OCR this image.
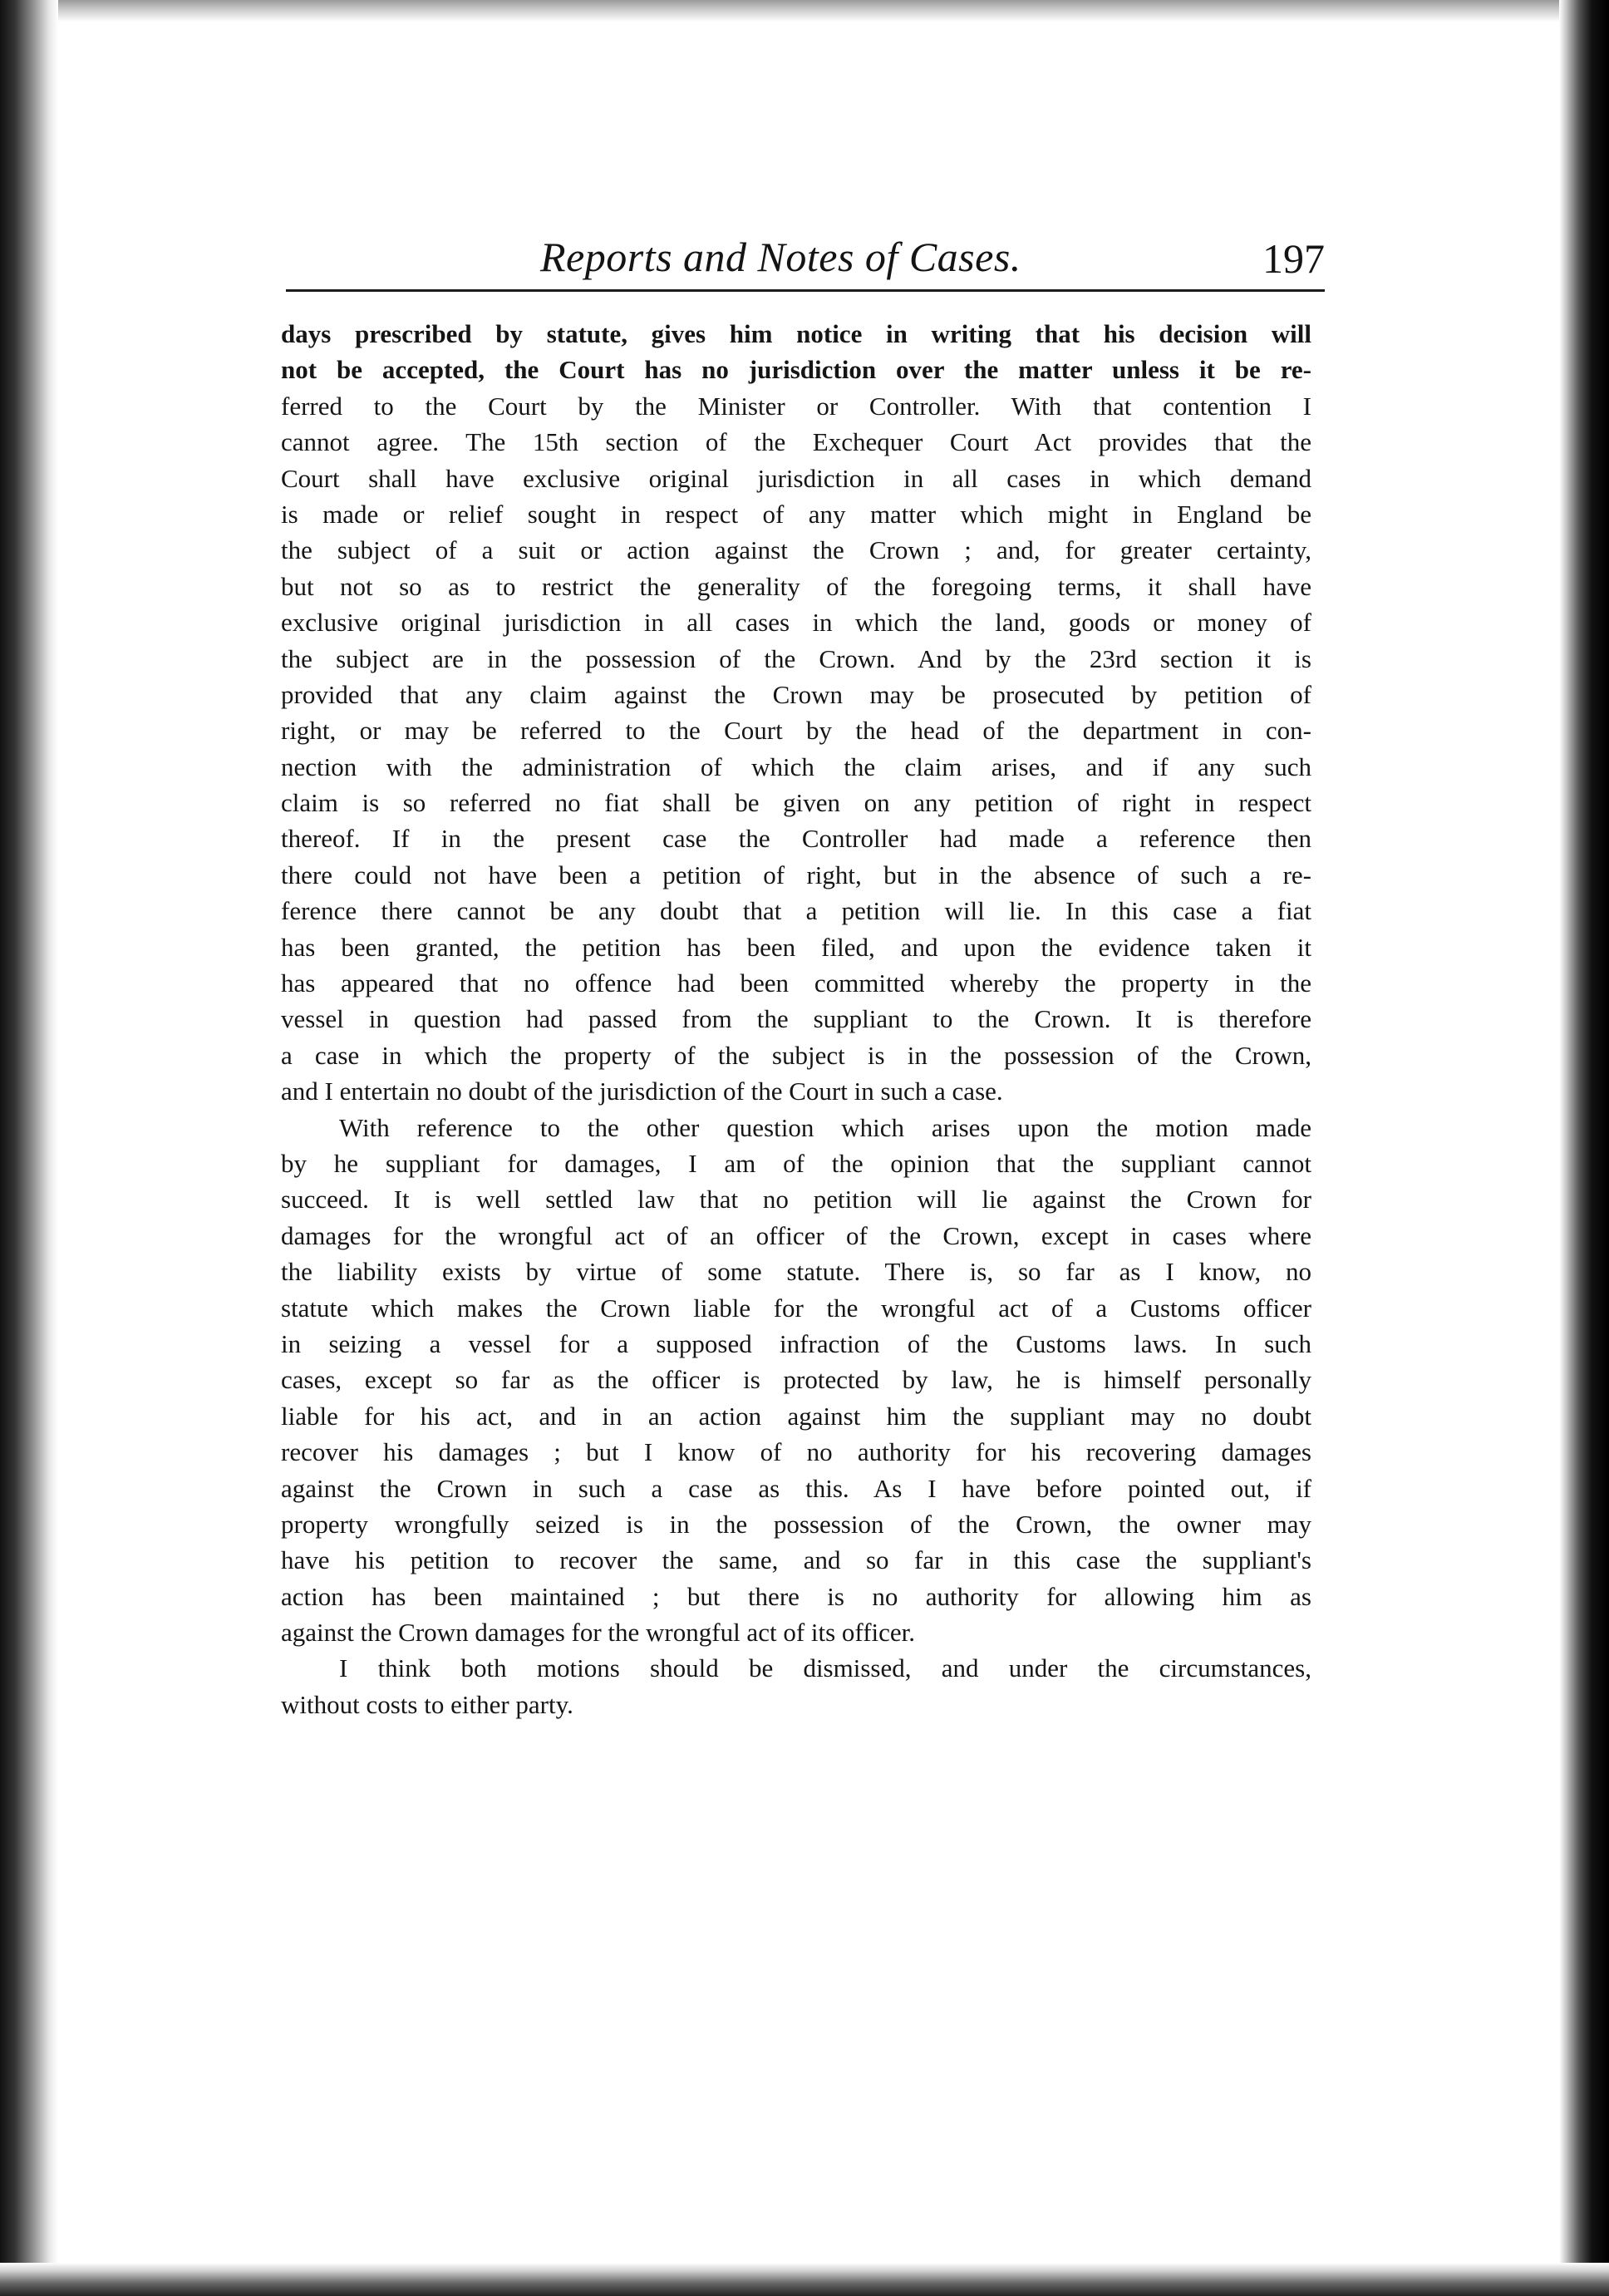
Reports and Notes of Cases.	197
days prescribed by statute, gives him notice in writing that his decision will
not be accepted, the Court has no jurisdiction over the matter unless it be re-
ferred to the Court by the Minister or Controller. With that contention I
cannot agree. The 15th section of the Exchequer Court Act provides that the
Court shall have exclusive original jurisdiction in all cases in which demand
is made or relief sought in respect of any matter which might in England be
the subject of a suit or action against the Crown ; and, for greater certainty,
but not so as to restrict the generality of the foregoing terms, it shall have
exclusive original jurisdiction in all cases in which the land, goods or money of
the subject are in the possession of the Crown. And by the 23rd section it is
provided that any claim against the Crown may be prosecuted by petition of
right, or may be referred to the Court by the head of the department in con-
nection with the administration of which the claim arises, and if any such
claim is so referred no fiat shall be given on any petition of right in respect
thereof. If in the present case the Controller had made a reference then
there could not have been a petition of right, but in the absence of such a re-
ference there cannot be any doubt that a petition will lie. In this case a fiat
has been granted, the petition has been filed, and upon the evidence taken it
has appeared that no offence had been committed whereby the property in the
vessel in question had passed from the suppliant to the Crown. It is therefore
a case in which the property of the subject is in the possession of the Crown,
and I entertain no doubt of the jurisdiction of the Court in such a case.
With reference to the other question which arises upon the motion made
by he suppliant for damages, I am of the opinion that the suppliant cannot
succeed. It is well settled law that no petition will lie against the Crown for
damages for the wrongful act of an officer of the Crown, except in cases where
the liability exists by virtue of some statute. There is, so far as I know, no
statute which makes the Crown liable for the wrongful act of a Customs officer
in seizing a vessel for a supposed infraction of the Customs laws. In such
cases, except so far as the officer is protected by law, he is himself personally
liable for his act, and in an action against him the suppliant may no doubt
recover his damages ; but I know of no authority for his recovering damages
against the Crown in such a case as this. As I have before pointed out, if
property wrongfully seized is in the possession of the Crown, the owner may
have his petition to recover the same, and so far in this case the suppliant's
action has been maintained ; but there is no authority for allowing him as
against the Crown damages for the wrongful act of its officer.
I think both motions should be dismissed, and under the circumstances,
without costs to either party.
